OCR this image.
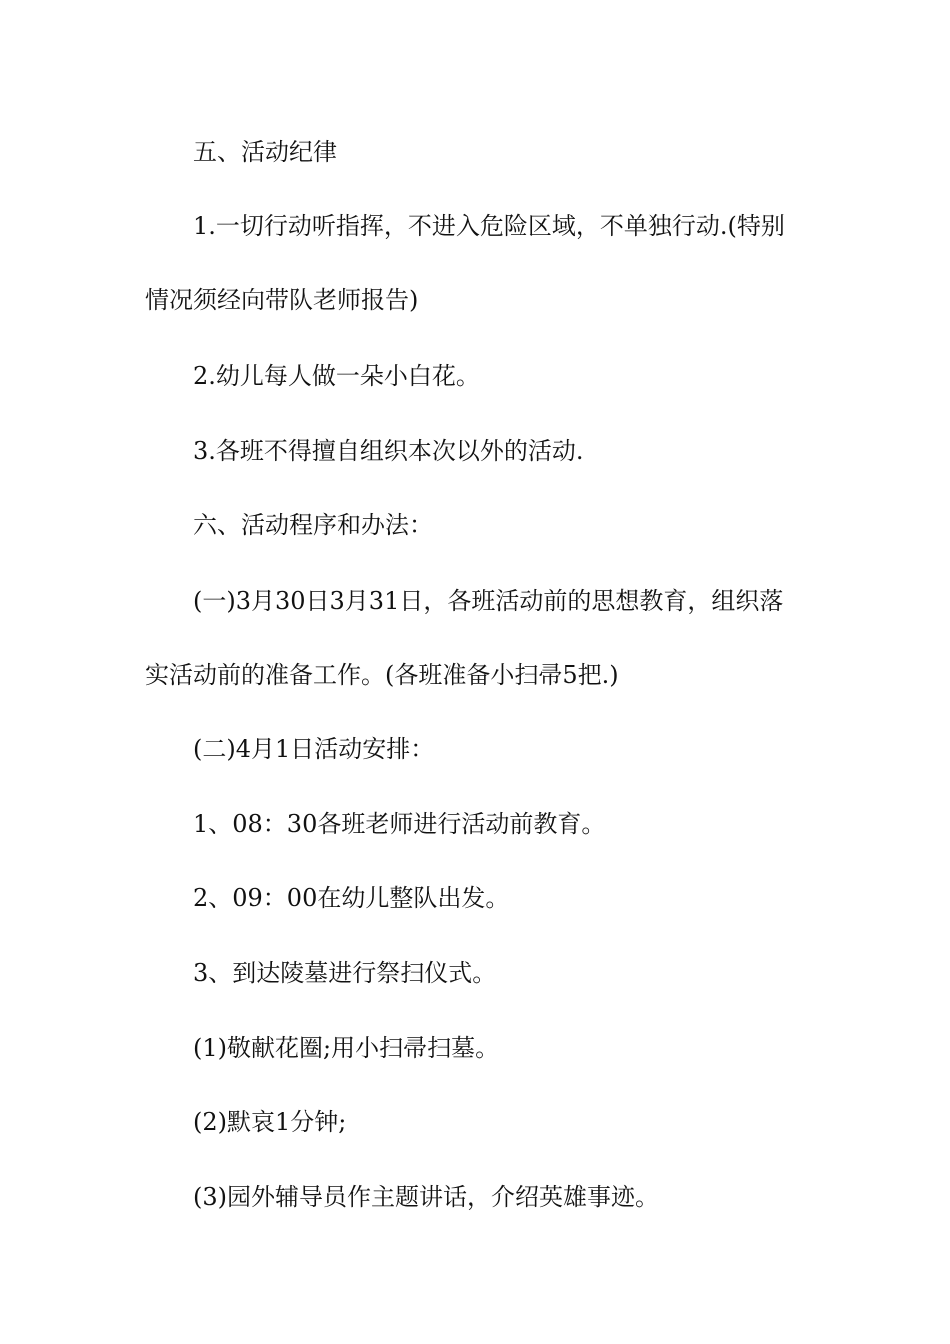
五、活动纪律
1.一切行动听指挥，不进入危险区域，不单独行动.(特别
情况须经向带队老师报告)
2.幼儿每人做一朵小白花。
3.各班不得擅自组织本次以外的活动.
六、活动程序和办法：
(一)3月30日3月31日，各班活动前的思想教育，组织落
实活动前的准备工作。(各班准备小扫帚5把.)
(二)4月1日活动安排：
1、08：30各班老师进行活动前教育。
2、09：00在幼儿整队出发。
3、到达陵墓进行祭扫仪式。
(1)敬献花圈;用小扫帚扫墓。
(2)默哀1分钟;
(3)园外辅导员作主题讲话，介绍英雄事迹。
